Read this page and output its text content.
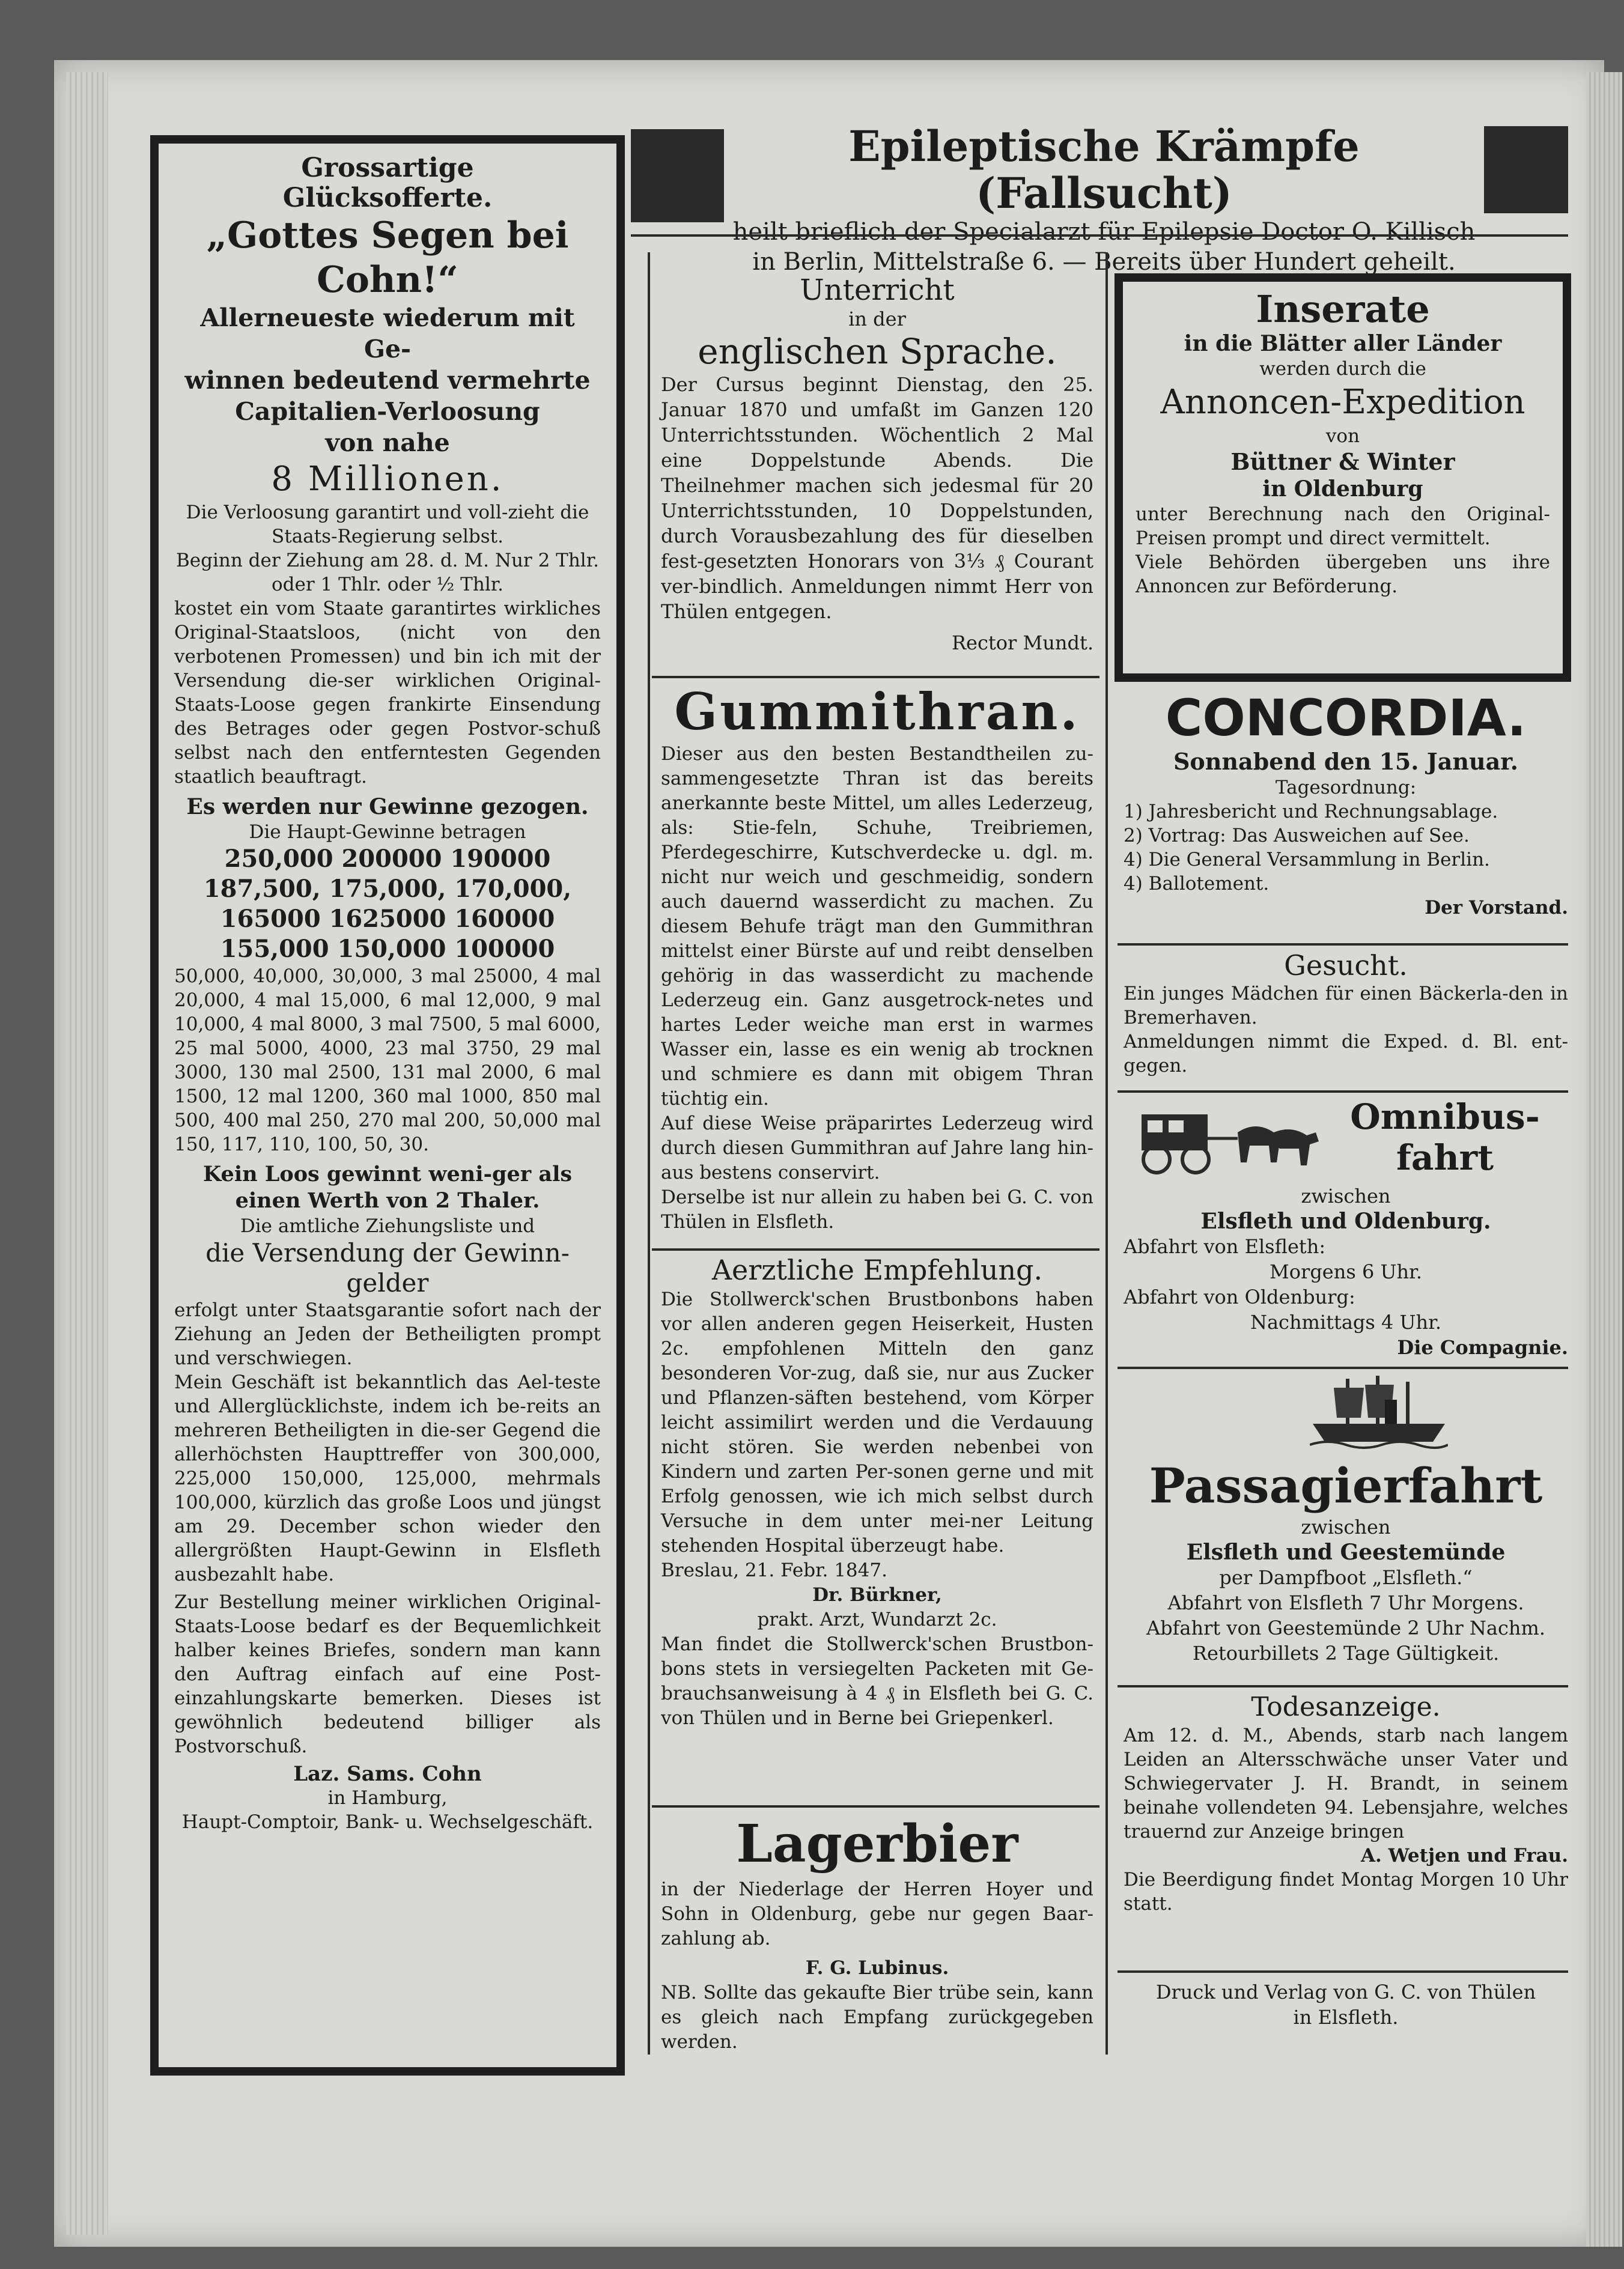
Epileptische Krämpfe (Fallsucht)
heilt brieflich der Specialarzt für Epilepsie Doctor O. Killisch
in Berlin, Mittelstraße 6. — Bereits über Hundert geheilt.
Grossartige
Glücksofferte.
„Gottes Segen bei Cohn!“
Allerneueste wiederum mit Ge-
winnen bedeutend vermehrte
Capitalien-Verloosung
von nahe
8 Millionen.

Die Verloosung garantirt und voll-zieht die Staats-Regierung selbst.

Beginn der Ziehung am 28. d. M. Nur 2 Thlr. oder 1 Thlr. oder ½ Thlr.

kostet ein vom Staate garantirtes wirkliches Original-Staatsloos, (nicht von den verbotenen Promessen) und bin ich mit der Versendung die-ser wirklichen Original-Staats-Loose gegen frankirte Einsendung des Betrages oder gegen Postvor-schuß selbst nach den entferntesten Gegenden staatlich beauftragt.

Es werden nur Gewinne gezogen.

Die Haupt-Gewinne betragen

250,000 200000 190000 187,500, 175,000, 170,000, 165000 1625000 160000 155,000 150,000 100000

50,000, 40,000, 30,000, 3 mal 25000, 4 mal 20,000, 4 mal 15,000, 6 mal 12,000, 9 mal 10,000, 4 mal 8000, 3 mal 7500, 5 mal 6000, 25 mal 5000, 4000, 23 mal 3750, 29 mal 3000, 130 mal 2500, 131 mal 2000, 6 mal 1500, 12 mal 1200, 360 mal 1000, 850 mal 500, 400 mal 250, 270 mal 200, 50,000 mal 150, 117, 110, 100, 50, 30.

Kein Loos gewinnt weni-ger als einen Werth von 2 Thaler.

Die amtliche Ziehungsliste und

die Versendung der Gewinn-gelder

erfolgt unter Staatsgarantie sofort nach der Ziehung an Jeden der Betheiligten prompt und verschwiegen.

Mein Geschäft ist bekanntlich das Ael-teste und Allerglücklichste, indem ich be-reits an mehreren Betheiligten in die-ser Gegend die allerhöchsten Haupttreffer von 300,000, 225,000 150,000, 125,000, mehrmals 100,000, kürzlich das große Loos und jüngst am 29. December schon wieder den allergrößten Haupt-Gewinn in Elsfleth ausbezahlt habe.

Zur Bestellung meiner wirklichen Original-Staats-Loose bedarf es der Bequemlichkeit halber keines Briefes, sondern man kann den Auftrag einfach auf eine Post-einzahlungskarte bemerken. Dieses ist gewöhnlich bedeutend billiger als Postvorschuß.

Laz. Sams. Cohn

in Hamburg,

Haupt-Comptoir, Bank- u. Wechselgeschäft.

Unterricht
in der
englischen Sprache.

Der Cursus beginnt Dienstag, den 25. Januar 1870 und umfaßt im Ganzen 120 Unterrichtsstunden. Wöchentlich 2 Mal eine Doppelstunde Abends. Die Theilnehmer machen sich jedesmal für 20 Unterrichtsstunden, 10 Doppelstunden, durch Vorausbezahlung des für dieselben fest-gesetzten Honorars von 3⅓ ₰ Courant ver-bindlich. Anmeldungen nimmt Herr von Thülen entgegen.

Rector Mundt.

Gummithran.

Dieser aus den besten Bestandtheilen zu-sammengesetzte Thran ist das bereits anerkannte beste Mittel, um alles Lederzeug, als: Stie-feln, Schuhe, Treibriemen, Pferdegeschirre, Kutschverdecke u. dgl. m. nicht nur weich und geschmeidig, sondern auch dauernd wasserdicht zu machen. Zu diesem Behufe trägt man den Gummithran mittelst einer Bürste auf und reibt denselben gehörig in das wasserdicht zu machende Lederzeug ein. Ganz ausgetrock-netes und hartes Leder weiche man erst in warmes Wasser ein, lasse es ein wenig ab trocknen und schmiere es dann mit obigem Thran tüchtig ein.

Auf diese Weise präparirtes Lederzeug wird durch diesen Gummithran auf Jahre lang hin-aus bestens conservirt.

Derselbe ist nur allein zu haben bei G. C. von Thülen in Elsfleth.

Aerztliche Empfehlung.

Die Stollwerck'schen Brustbonbons haben vor allen anderen gegen Heiserkeit, Husten 2c. empfohlenen Mitteln den ganz besonderen Vor-zug, daß sie, nur aus Zucker und Pflanzen-säften bestehend, vom Körper leicht assimilirt werden und die Verdauung nicht stören. Sie werden nebenbei von Kindern und zarten Per-sonen gerne und mit Erfolg genossen, wie ich mich selbst durch Versuche in dem unter mei-ner Leitung stehenden Hospital überzeugt habe.

Breslau, 21. Febr. 1847.

Dr. Bürkner,

prakt. Arzt, Wundarzt 2c.

Man findet die Stollwerck'schen Brustbon-bons stets in versiegelten Packeten mit Ge-brauchsanweisung à 4 ₰ in Elsfleth bei G. C. von Thülen und in Berne bei Griepenkerl.

Lagerbier

in der Niederlage der Herren Hoyer und Sohn in Oldenburg, gebe nur gegen Baar-zahlung ab.

F. G. Lubinus.

NB. Sollte das gekaufte Bier trübe sein, kann es gleich nach Empfang zurückgegeben werden.

Inserate
in die Blätter aller Länder
werden durch die
Annoncen-Expedition
von
Büttner & Winter
in Oldenburg
unter Berechnung nach den Original-Preisen prompt und direct vermittelt.
Viele Behörden übergeben uns ihre Annoncen zur Beförderung.
CONCORDIA.
Sonnabend den 15. Januar.
Tagesordnung:
1) Jahresbericht und Rechnungsablage.
2) Vortrag: Das Ausweichen auf See.
4) Die General Versammlung in Berlin.
4) Ballotement.
Der Vorstand.
Gesucht.

Ein junges Mädchen für einen Bäckerla-den in Bremerhaven.

Anmeldungen nimmt die Exped. d. Bl. ent-gegen.

Omnibus-
fahrt
zwischen
Elsfleth und Oldenburg.
Abfahrt von Elsfleth:
Morgens 6 Uhr.
Abfahrt von Oldenburg:
Nachmittags 4 Uhr.
Die Compagnie.
Passagierfahrt
zwischen
Elsfleth und Geestemünde
per Dampfboot „Elsfleth.“
Abfahrt von Elsfleth 7 Uhr Morgens.
Abfahrt von Geestemünde 2 Uhr Nachm.
Retourbillets 2 Tage Gültigkeit.
Todesanzeige.

Am 12. d. M., Abends, starb nach langem Leiden an Altersschwäche unser Vater und Schwiegervater J. H. Brandt, in seinem beinahe vollendeten 94. Lebensjahre, welches trauernd zur Anzeige bringen

A. Wetjen und Frau.

Die Beerdigung findet Montag Morgen 10 Uhr statt.

Druck und Verlag von G. C. von Thülen
in Elsfleth.
